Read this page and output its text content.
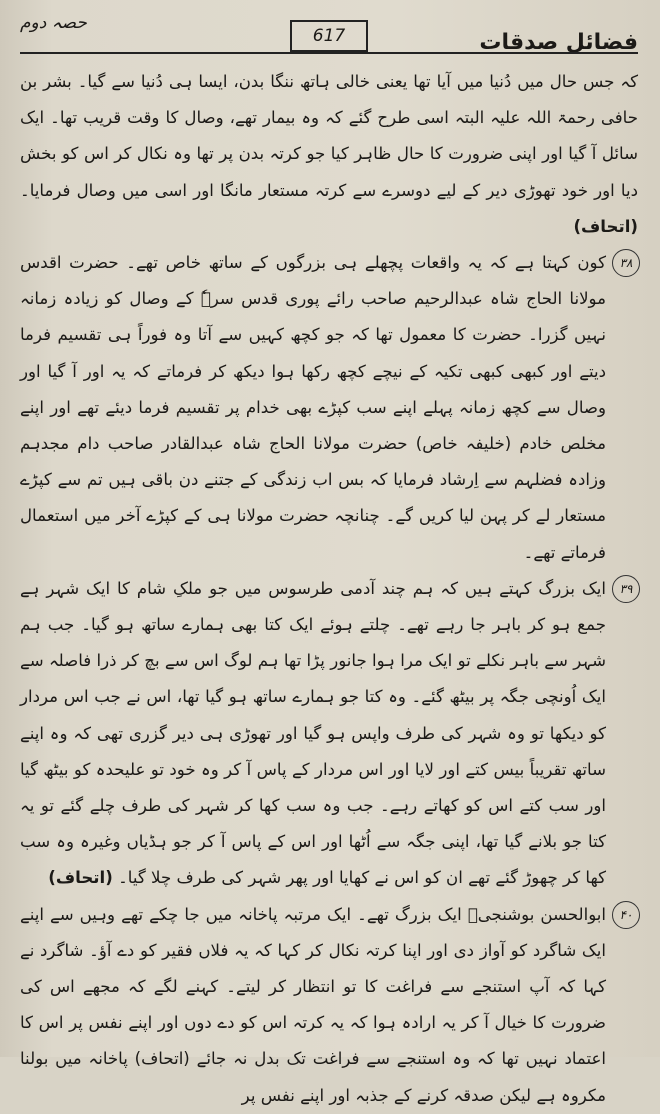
حصہ دوم
617	فضائل صدقات

کہ جس حال میں دُنیا میں آیا تھا یعنی خالی ہاتھ ننگا بدن، ایسا ہی دُنیا سے گیا۔ بشر بن حافی رحمۃ اللہ علیہ البتہ اسی طرح گئے کہ وہ بیمار تھے، وصال کا وقت قریب تھا۔ ایک سائل آ گیا اور اپنی ضرورت کا حال ظاہر کیا جو کرتہ بدن پر تھا وہ نکال کر اس کو بخش دیا اور خود تھوڑی دیر کے لیے دوسرے سے کرتہ مستعار مانگا اور اسی میں وصال فرمایا۔ (اتحاف)

۳۸
کون کہتا ہے کہ یہ واقعات پچھلے ہی بزرگوں کے ساتھ خاص تھے۔ حضرت اقدس مولانا الحاج شاہ عبدالرحیم صاحب رائے پوری قدس سرہٗ کے وصال کو زیادہ زمانہ نہیں گزرا۔ حضرت کا معمول تھا کہ جو کچھ کہیں سے آتا وہ فوراً ہی تقسیم فرما دیتے اور کبھی کبھی تکیہ کے نیچے کچھ رکھا ہوا دیکھ کر فرماتے کہ یہ اور آ گیا اور وصال سے کچھ زمانہ پہلے اپنے سب کپڑے بھی خدام پر تقسیم فرما دیئے تھے اور اپنے مخلص خادم (خلیفہ خاص) حضرت مولانا الحاج شاہ عبدالقادر صاحب دام مجدہم وزادہ فضلہم سے اِرشاد فرمایا کہ بس اب زندگی کے جتنے دن باقی ہیں تم سے کپڑے مستعار لے کر پہن لیا کریں گے۔ چنانچہ حضرت مولانا ہی کے کپڑے آخر میں استعمال فرماتے تھے۔

۳۹
ایک بزرگ کہتے ہیں کہ ہم چند آدمی طرسوس میں جو ملکِ شام کا ایک شہر ہے جمع ہو کر باہر جا رہے تھے۔ چلتے ہوئے ایک کتا بھی ہمارے ساتھ ہو گیا۔ جب ہم شہر سے باہر نکلے تو ایک مرا ہوا جانور پڑا تھا ہم لوگ اس سے بچ کر ذرا فاصلہ سے ایک اُونچی جگہ پر بیٹھ گئے۔ وہ کتا جو ہمارے ساتھ ہو گیا تھا، اس نے جب اس مردار کو دیکھا تو وہ شہر کی طرف واپس ہو گیا اور تھوڑی ہی دیر گزری تھی کہ وہ اپنے ساتھ تقریباً بیس کتے اور لایا اور اس مردار کے پاس آ کر وہ خود تو علیحدہ کو بیٹھ گیا اور سب کتے اس کو کھاتے رہے۔ جب وہ سب کھا کر شہر کی طرف چلے گئے تو یہ کتا جو بلانے گیا تھا، اپنی جگہ سے اُٹھا اور اس کے پاس آ کر جو ہڈیاں وغیرہ وہ سب کھا کر چھوڑ گئے تھے ان کو اس نے کھایا اور پھر شہر کی طرف چلا گیا۔ (اتحاف)

۴۰
ابوالحسن بوشنجیؒ ایک بزرگ تھے۔ ایک مرتبہ پاخانہ میں جا چکے تھے وہیں سے اپنے ایک شاگرد کو آواز دی اور اپنا کرتہ نکال کر کہا کہ یہ فلاں فقیر کو دے آؤ۔ شاگرد نے کہا کہ آپ استنجے سے فراغت کا تو انتظار کر لیتے۔ کہنے لگے کہ مجھے اس کی ضرورت کا خیال آ کر یہ ارادہ ہوا کہ یہ کرتہ اس کو دے دوں اور اپنے نفس پر اس کا اعتماد نہیں تھا کہ وہ استنجے سے فراغت تک بدل نہ جائے (اتحاف) پاخانہ میں بولنا مکروہ ہے لیکن صدقہ کرنے کے جذبہ اور اپنے نفس پر
